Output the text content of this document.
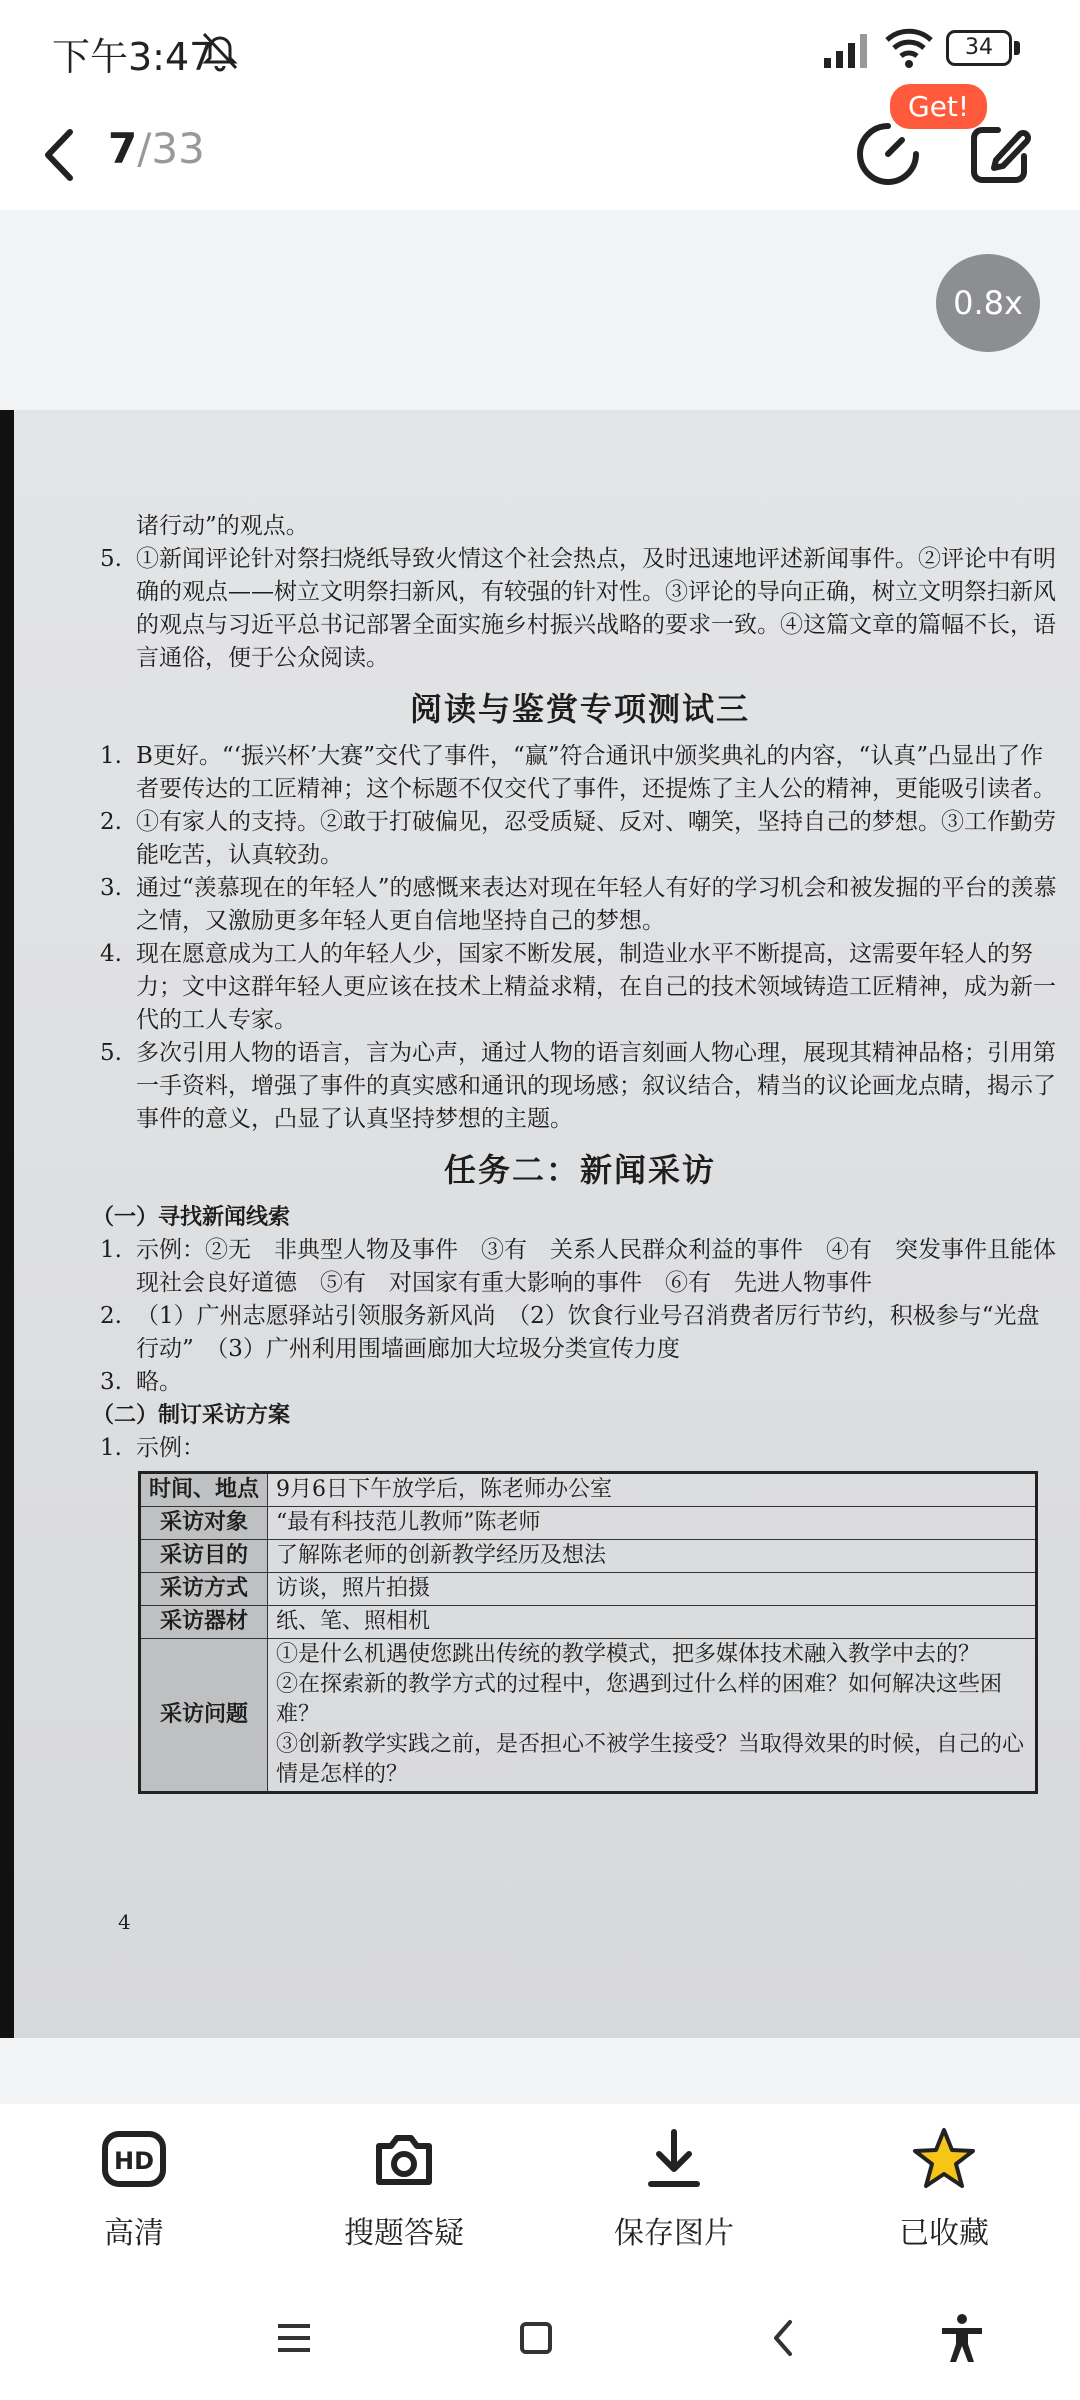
下午3:47	34
7/33
Get!
0.8x
诸行动”的观点。
5. ①新闻评论针对祭扫烧纸导致火情这个社会热点，及时迅速地评述新闻事件。②评论中有明确的观点——树立文明祭扫新风，有较强的针对性。③评论的导向正确，树立文明祭扫新风的观点与习近平总书记部署全面实施乡村振兴战略的要求一致。④这篇文章的篇幅不长，语言通俗，便于公众阅读。
阅读与鉴赏专项测试三
1. B更好。“‘振兴杯’大赛”交代了事件，“赢”符合通讯中颁奖典礼的内容，“认真”凸显出了作者要传达的工匠精神；这个标题不仅交代了事件，还提炼了主人公的精神，更能吸引读者。
2. ①有家人的支持。②敢于打破偏见，忍受质疑、反对、嘲笑，坚持自己的梦想。③工作勤劳能吃苦，认真较劲。
3. 通过“羡慕现在的年轻人”的感慨来表达对现在年轻人有好的学习机会和被发掘的平台的羡慕之情，又激励更多年轻人更自信地坚持自己的梦想。
4. 现在愿意成为工人的年轻人少，国家不断发展，制造业水平不断提高，这需要年轻人的努力；文中这群年轻人更应该在技术上精益求精，在自己的技术领域铸造工匠精神，成为新一代的工人专家。
5. 多次引用人物的语言，言为心声，通过人物的语言刻画人物心理，展现其精神品格；引用第一手资料，增强了事件的真实感和通讯的现场感；叙议结合，精当的议论画龙点睛，揭示了事件的意义，凸显了认真坚持梦想的主题。
任务二：新闻采访
（一）寻找新闻线索
1. 示例：②无　非典型人物及事件　③有　关系人民群众利益的事件　④有　突发事件且能体现社会良好道德　⑤有　对国家有重大影响的事件　⑥有　先进人物事件
2. （1）广州志愿驿站引领服务新风尚　（2）饮食行业号召消费者厉行节约，积极参与“光盘行动”　（3）广州利用围墙画廊加大垃圾分类宣传力度
3. 略。
（二）制订采访方案
1. 示例：
时间、地点	9月6日下午放学后，陈老师办公室
采访对象	“最有科技范儿教师”陈老师
采访目的	了解陈老师的创新教学经历及想法
采访方式	访谈，照片拍摄
采访器材	纸、笔、照相机
采访问题	①是什么机遇使您跳出传统的教学模式，把多媒体技术融入教学中去的？
②在探索新的教学方式的过程中，您遇到过什么样的困难？如何解决这些困难？
③创新教学实践之前，是否担心不被学生接受？当取得效果的时候，自己的心情是怎样的？
4
HD
高清	搜题答疑	保存图片	已收藏
